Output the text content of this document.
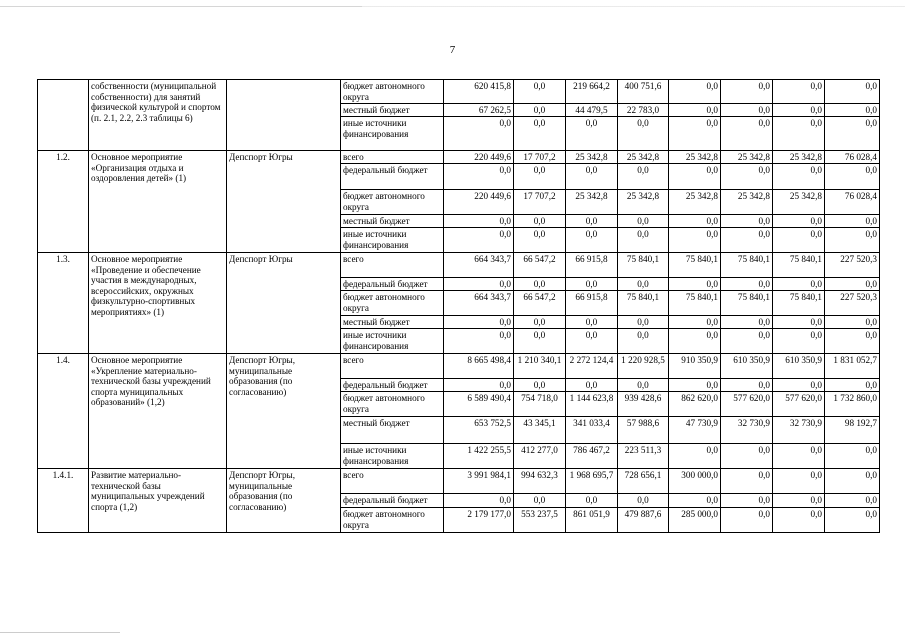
7
	собственности (муниципальной собственности) для занятий физической культурой и спортом (п. 2.1, 2.2, 2.3 таблицы 6)		бюджет автономного округа	620 415,8	0,0	219 664,2	400 751,6	0,0	0,0	0,0	0,0
			местный бюджет	67 262,5	0,0	44 479,5	22 783,0	0,0	0,0	0,0	0,0
			иные источники финансирования	0,0	0,0	0,0	0,0	0,0	0,0	0,0	0,0
1.2.	Основное мероприятие «Организация отдыха и оздоровления детей» (1)	Депспорт Югры	всего	220 449,6	17 707,2	25 342,8	25 342,8	25 342,8	25 342,8	25 342,8	76 028,4
			федеральный бюджет	0,0	0,0	0,0	0,0	0,0	0,0	0,0	0,0
			бюджет автономного округа	220 449,6	17 707,2	25 342,8	25 342,8	25 342,8	25 342,8	25 342,8	76 028,4
			местный бюджет	0,0	0,0	0,0	0,0	0,0	0,0	0,0	0,0
			иные источники финансирования	0,0	0,0	0,0	0,0	0,0	0,0	0,0	0,0
1.3.	Основное мероприятие «Проведение и обеспечение участия в международных, всероссийских, окружных физкультурно-спортивных мероприятиях» (1)	Депспорт Югры	всего	664 343,7	66 547,2	66 915,8	75 840,1	75 840,1	75 840,1	75 840,1	227 520,3
			федеральный бюджет	0,0	0,0	0,0	0,0	0,0	0,0	0,0	0,0
			бюджет автономного округа	664 343,7	66 547,2	66 915,8	75 840,1	75 840,1	75 840,1	75 840,1	227 520,3
			местный бюджет	0,0	0,0	0,0	0,0	0,0	0,0	0,0	0,0
			иные источники финансирования	0,0	0,0	0,0	0,0	0,0	0,0	0,0	0,0
1.4.	Основное мероприятие «Укрепление материально-технической базы учреждений спорта муниципальных образований» (1,2)	Депспорт Югры, муниципальные образования (по согласованию)	всего	8 665 498,4	1 210 340,1	2 272 124,4	1 220 928,5	910 350,9	610 350,9	610 350,9	1 831 052,7
			федеральный бюджет	0,0	0,0	0,0	0,0	0,0	0,0	0,0	0,0
			бюджет автономного округа	6 589 490,4	754 718,0	1 144 623,8	939 428,6	862 620,0	577 620,0	577 620,0	1 732 860,0
			местный бюджет	653 752,5	43 345,1	341 033,4	57 988,6	47 730,9	32 730,9	32 730,9	98 192,7
			иные источники финансирования	1 422 255,5	412 277,0	786 467,2	223 511,3	0,0	0,0	0,0	0,0
1.4.1.	Развитие материально-технической базы муниципальных учреждений спорта (1,2)	Депспорт Югры, муниципальные образования (по согласованию)	всего	3 991 984,1	994 632,3	1 968 695,7	728 656,1	300 000,0	0,0	0,0	0,0
			федеральный бюджет	0,0	0,0	0,0	0,0	0,0	0,0	0,0	0,0
			бюджет автономного округа	2 179 177,0	553 237,5	861 051,9	479 887,6	285 000,0	0,0	0,0	0,0
